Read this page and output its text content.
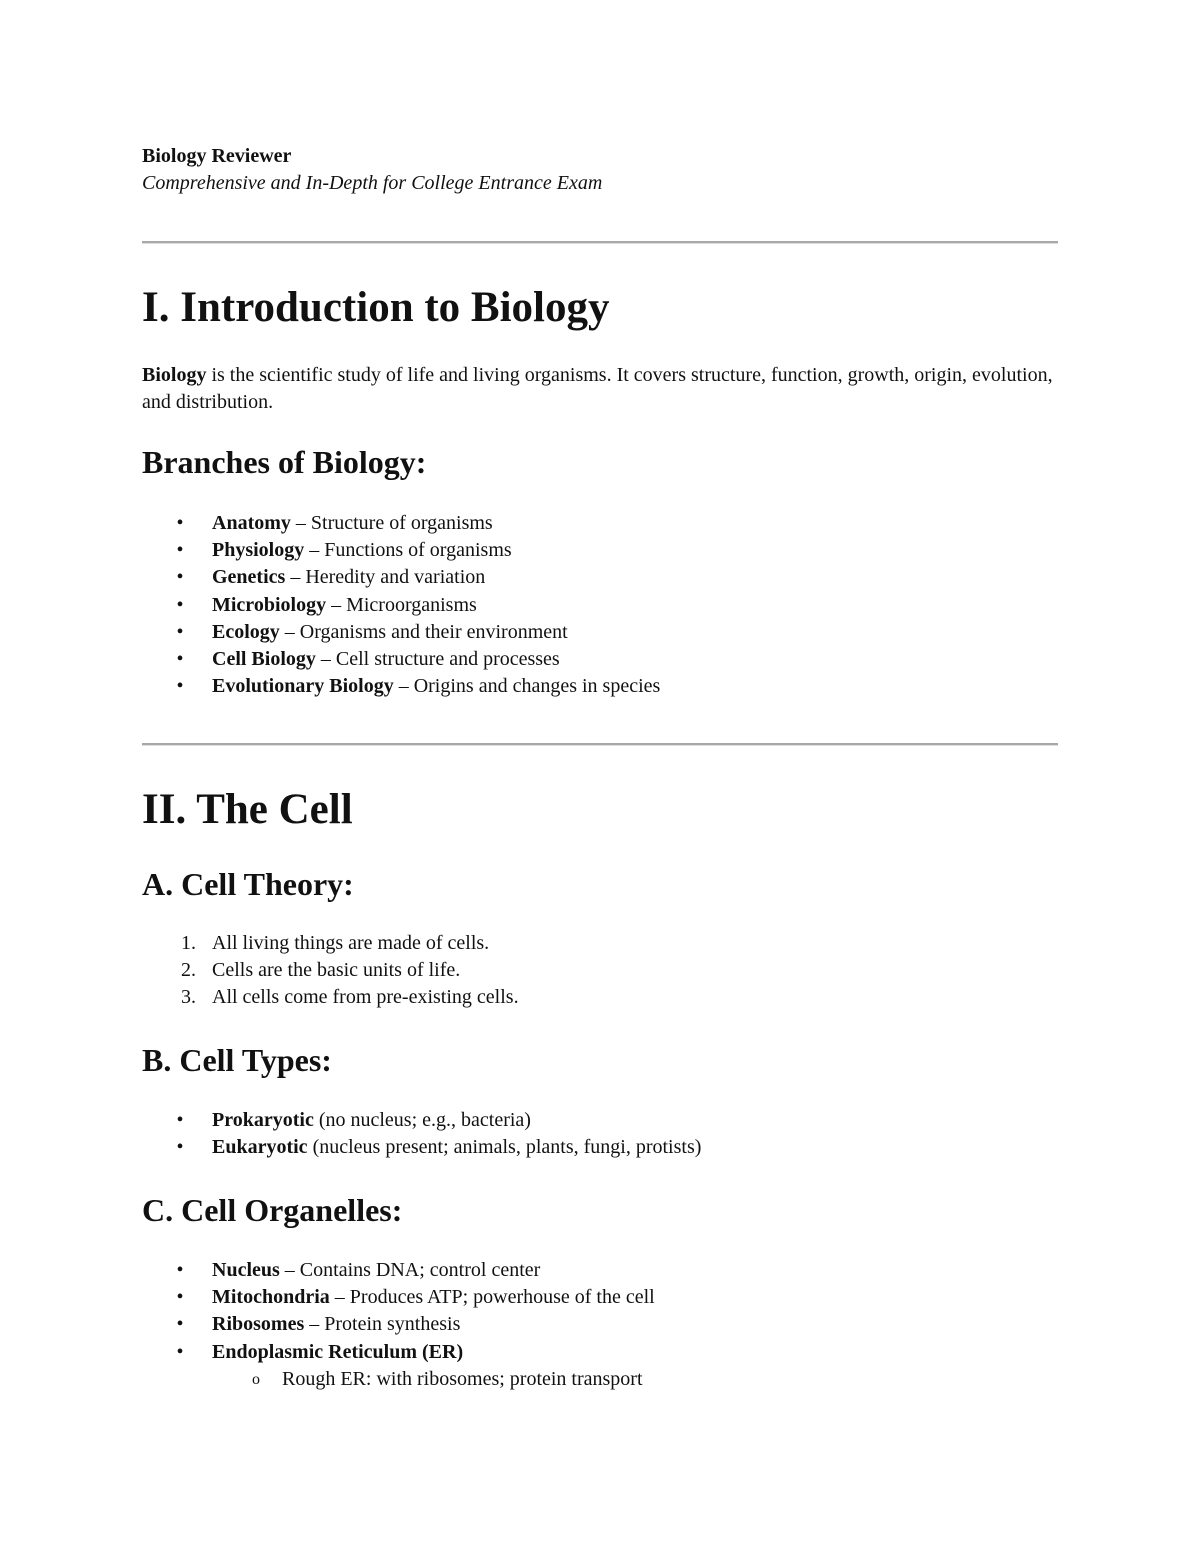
Biology Reviewer
Comprehensive and In-Depth for College Entrance Exam
I. Introduction to Biology

Biology is the scientific study of life and living organisms. It covers structure, function, growth, origin, evolution, and distribution.

Branches of Biology:
• Anatomy – Structure of organisms
• Physiology – Functions of organisms
• Genetics – Heredity and variation
• Microbiology – Microorganisms
• Ecology – Organisms and their environment
• Cell Biology – Cell structure and processes
• Evolutionary Biology – Origins and changes in species
II. The Cell
A. Cell Theory:
1. All living things are made of cells.
2. Cells are the basic units of life.
3. All cells come from pre-existing cells.
B. Cell Types:
• Prokaryotic (no nucleus; e.g., bacteria)
• Eukaryotic (nucleus present; animals, plants, fungi, protists)
C. Cell Organelles:
• Nucleus – Contains DNA; control center
• Mitochondria – Produces ATP; powerhouse of the cell
• Ribosomes – Protein synthesis
• Endoplasmic Reticulum (ER)
o Rough ER: with ribosomes; protein transport
